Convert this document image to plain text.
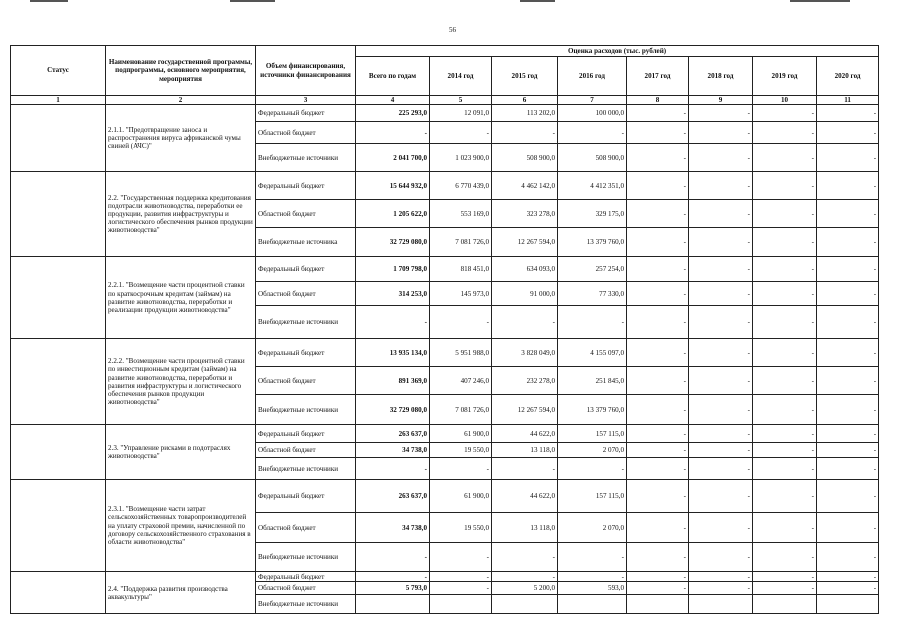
56
Статус	Наименование государственной программы, подпрограммы, основного мероприятия, мероприятия	Объем финансирования, источники финансирования	Оценка расходов (тыс. рублей)							
			Всего по годам	2014 год	2015 год	2016 год	2017 год	2018 год	2019 год	2020 год
1	2	3	4	5	6	7	8	9	10	11
	2.1.1. "Предотвращение заноса и распространения вируса африканской чумы свиней (АЧС)"	Федеральный бюджет	225 293,0	12 091,0	113 202,0	100 000,0	-	-	-	-
		Областной бюджет	-	-	-	-	-	-	-	-
		Внебюджетные источники	2 041 700,0	1 023 900,0	508 900,0	508 900,0	-	-	-	-
	2.2. "Государственная поддержка кредитования подотрасли животноводства, переработки ее продукции, развития инфраструктуры и логистического обеспечения рынков продукции животноводства"	Федеральный бюджет	15 644 932,0	6 770 439,0	4 462 142,0	4 412 351,0	-	-	-	-
		Областной бюджет	1 205 622,0	553 169,0	323 278,0	329 175,0	-	-	-	-
		Внебюджетные источника	32 729 080,0	7 081 726,0	12 267 594,0	13 379 760,0	-	-	-	-
	2.2.1. "Возмещение части процентной ставки по краткосрочным кредитам (займам) на развитие животноводства, переработки и реализации продукции животноводства"	Федеральный бюджет	1 709 798,0	818 451,0	634 093,0	257 254,0	-	-	-	-
		Областной бюджет	314 253,0	145 973,0	91 000,0	77 330,0	-	-	-	-
		Внебюджетные источники	-	-	-	-	-	-	-	-
	2.2.2. "Возмещение части процентной ставки по инвестиционным кредитам (займам) на развитие животноводства, переработки и развития инфраструктуры и логистического обеспечения рынков продукции животноводства"	Федеральный бюджет	13 935 134,0	5 951 988,0	3 828 049,0	4 155 097,0	-	-	-	-
		Областной бюджет	891 369,0	407 246,0	232 278,0	251 845,0	-	-	-	-
		Внебюджетные источники	32 729 080,0	7 081 726,0	12 267 594,0	13 379 760,0	-	-	-	-
	2.3. "Управление рисками в подотраслях животноводства"	Федеральный бюджет	263 637,0	61 900,0	44 622,0	157 115,0	-	-	-	-
		Областной бюджет	34 738,0	19 550,0	13 118,0	2 070,0	-	-	-	-
		Внебюджетные источники	-	-	-	-	-	-	-	-
	2.3.1. "Возмещение части затрат сельскохозяйственных товаропроизводителей на уплату страховой премии, начисленной по договору сельскохозяйственного страхования в области животноводства"	Федеральный бюджет	263 637,0	61 900,0	44 622,0	157 115,0	-	-	-	-
		Областной бюджет	34 738,0	19 550,0	13 118,0	2 070,0	-	-	-	-
		Внебюджетные источники	-	-	-	-	-	-	-	-
	2.4. "Поддержка развития производства аквакультуры"	Федеральный бюджет	-	-	-	-	-	-	-	-
		Областной бюджет	5 793,0	-	5 200,0	593,0	-	-	-	-
		Внебюджетные источники								
